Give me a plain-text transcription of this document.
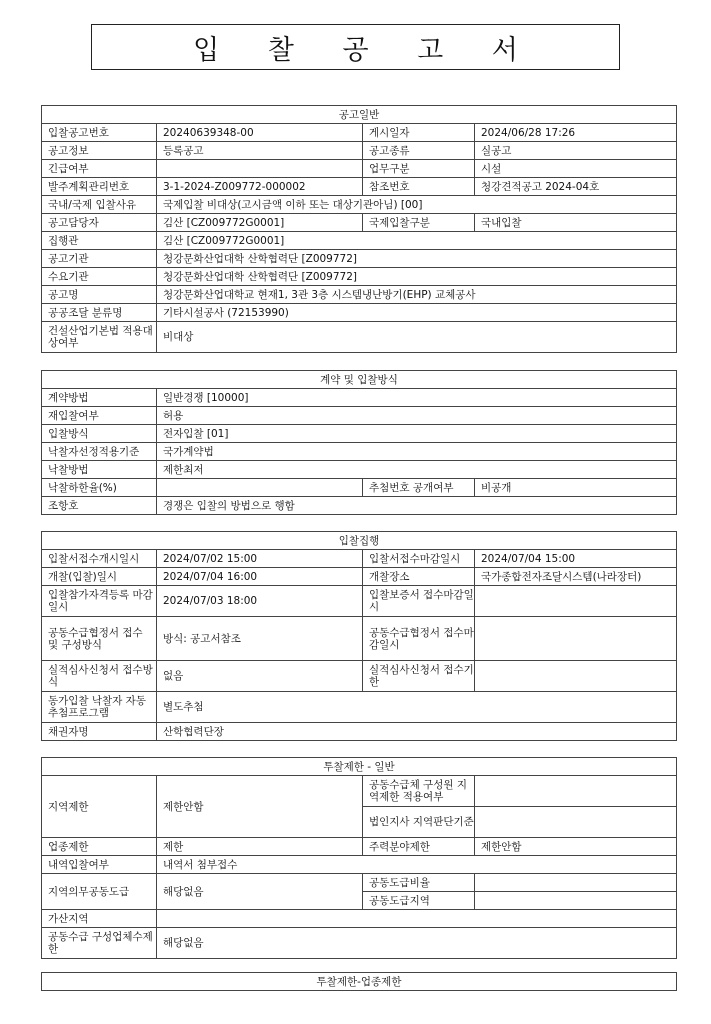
입 찰 공 고 서
공고일반			
입찰공고번호	20240639348-00	게시일자	2024/06/28 17:26
공고정보	등록공고	공고종류	실공고
긴급여부		업무구분	시설
발주계획관리번호	3-1-2024-Z009772-000002	참조번호	청강견적공고 2024-04호
국내/국제 입찰사유	국제입찰 비대상(고시금액 이하 또는 대상기관아님) [00]		
공고담당자	김산 [CZ009772G0001]	국제입찰구분	국내입찰
집행관	김산 [CZ009772G0001]		
공고기관	청강문화산업대학 산학협력단 [Z009772]		
수요기관	청강문화산업대학 산학협력단 [Z009772]		
공고명	청강문화산업대학교 현재1, 3관 3층 시스템냉난방기(EHP) 교체공사		
공공조달 분류명	기타시설공사 (72153990)		
건설산업기본법 적용대상여부	비대상		
계약 및 입찰방식			
계약방법	일반경쟁 [10000]		
재입찰여부	허용		
입찰방식	전자입찰 [01]		
낙찰자선정적용기준	국가계약법		
낙찰방법	제한최저		
낙찰하한율(%)		추첨번호 공개여부	비공개
조항호	경쟁은 입찰의 방법으로 행함		
입찰집행			
입찰서접수개시일시	2024/07/02 15:00	입찰서접수마감일시	2024/07/04 15:00
개찰(입찰)일시	2024/07/04 16:00	개찰장소	국가종합전자조달시스템(나라장터)
입찰참가자격등록 마감일시	2024/07/03 18:00	입찰보증서 접수마감일시	
공동수급협정서 접수 및 구성방식	방식: 공고서참조	공동수급협정서 접수마감일시	
실적심사신청서 접수방식	없음	실적심사신청서 접수기한	
동가입찰 낙찰자 자동추첨프로그램	별도추첨		
채권자명	산학협력단장		
투찰제한 - 일반			
지역제한	제한안함	공동수급체 구성원 지역제한 적용여부	
		법인지사 지역판단기준	
업종제한	제한	주력분야제한	제한안함
내역입찰여부	내역서 첨부접수		
지역의무공동도급	해당없음	공동도급비율	
		공동도급지역	
가산지역			
공동수급 구성업체수제한	해당없음		
투찰제한-업종제한
